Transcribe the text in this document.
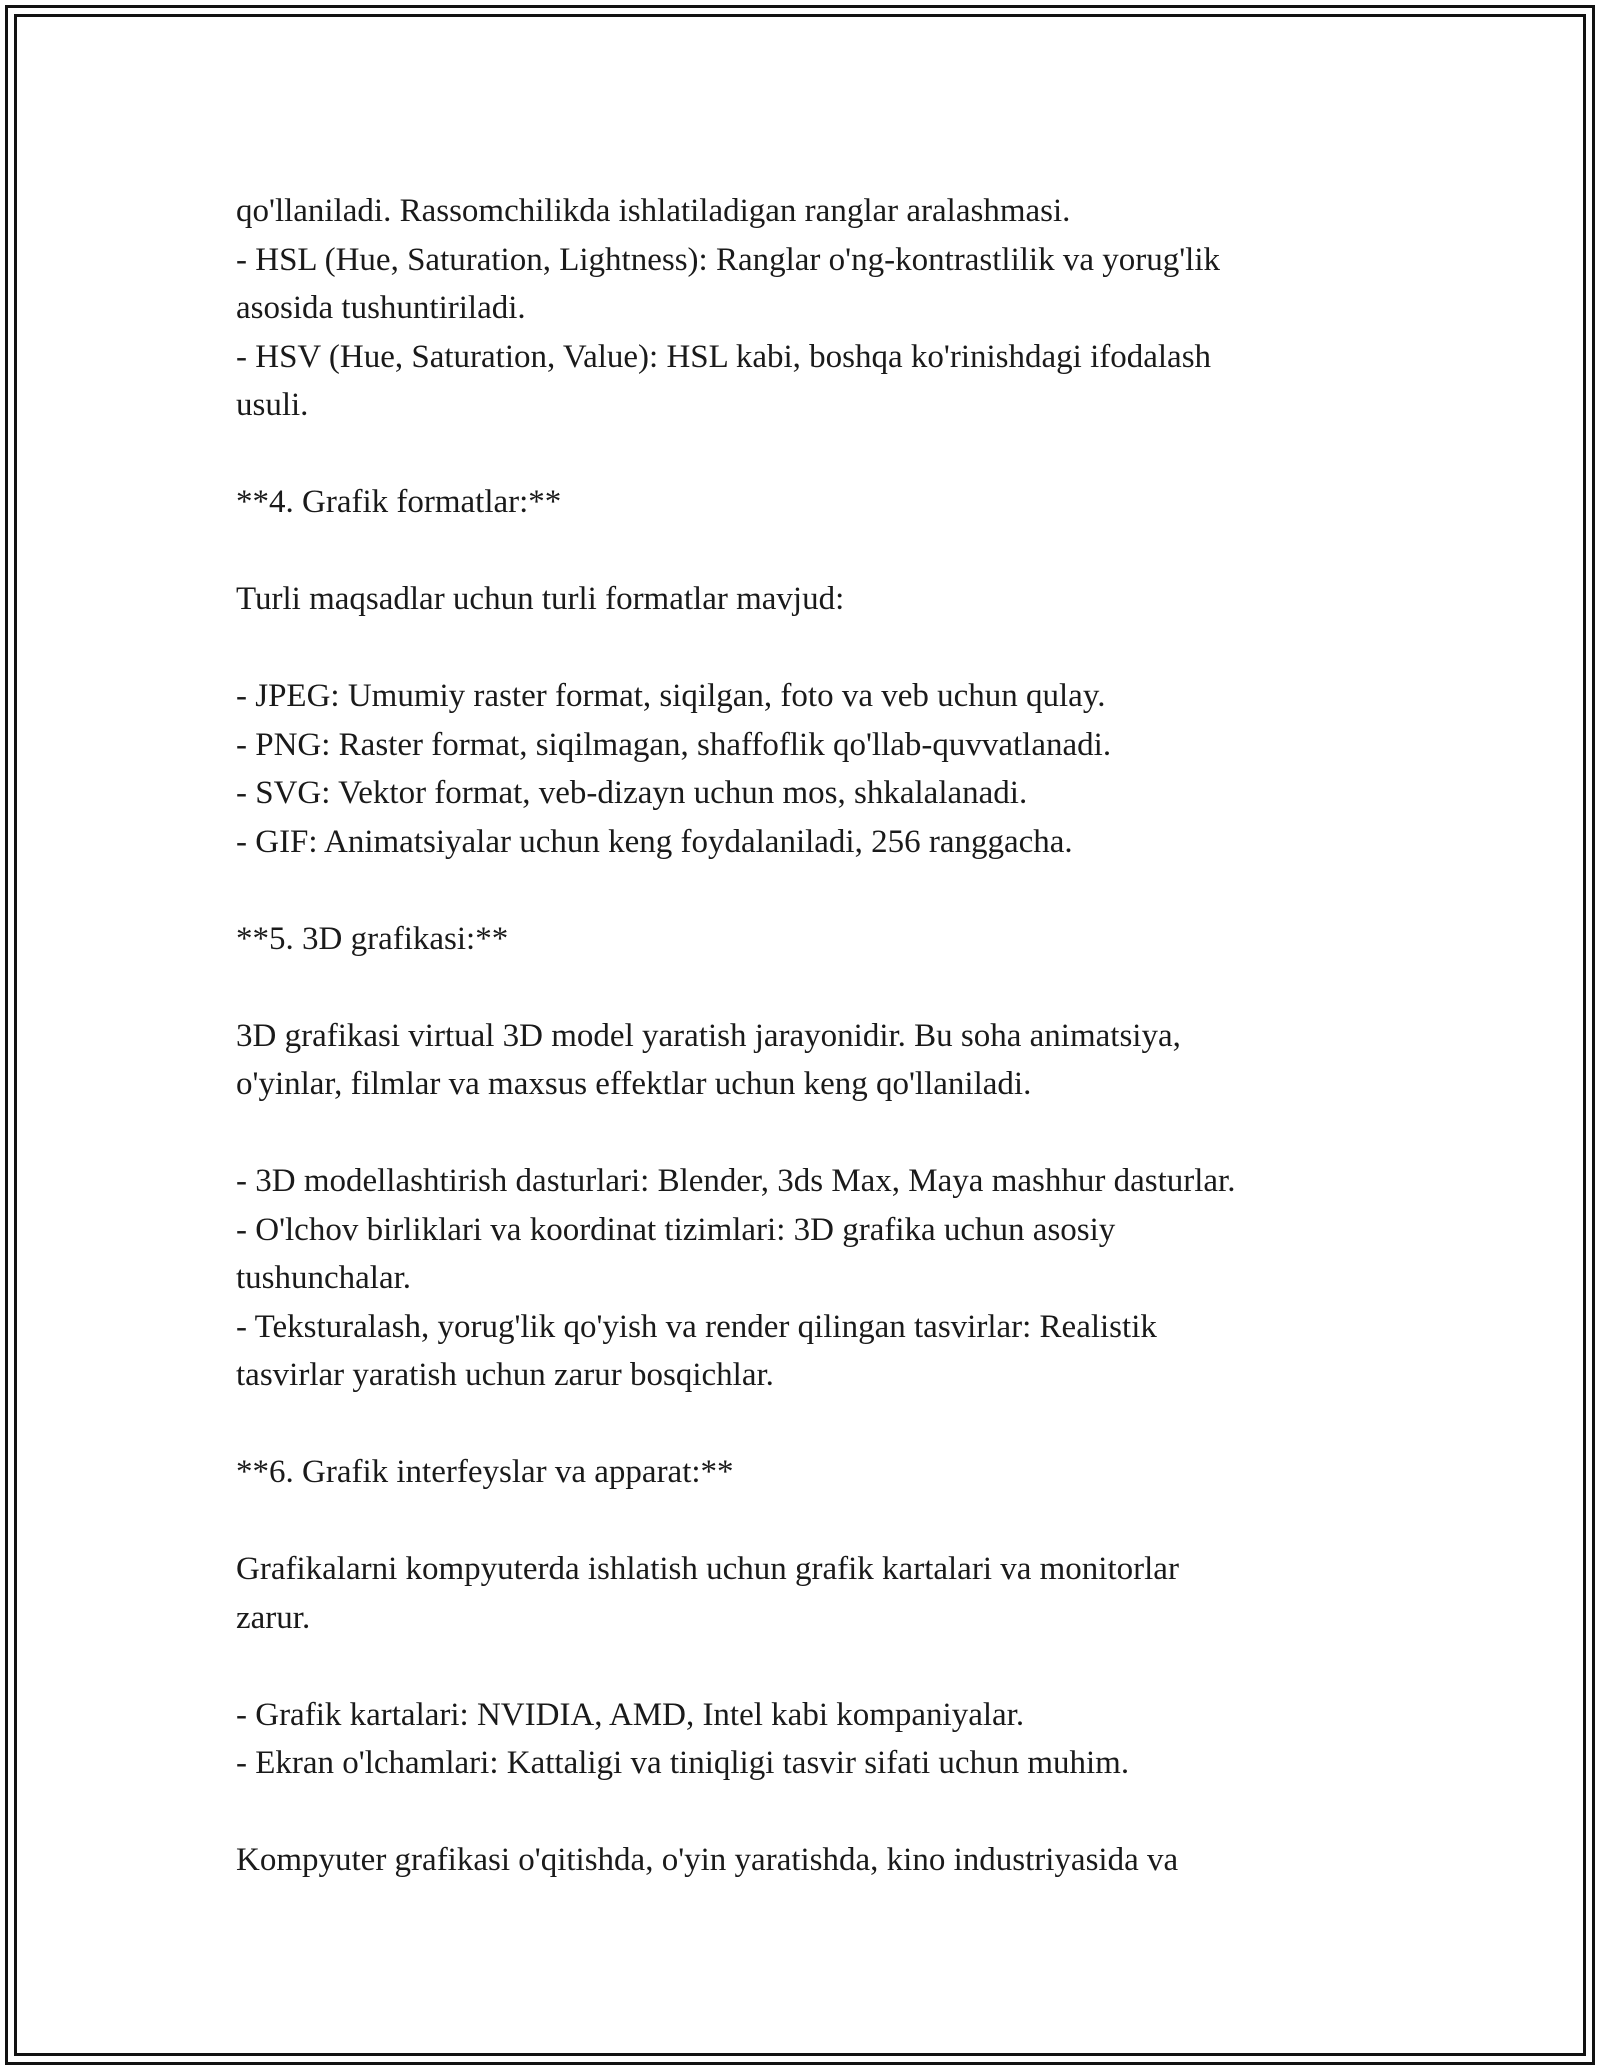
qo'llaniladi. Rassomchilikda ishlatiladigan ranglar aralashmasi.
- HSL (Hue, Saturation, Lightness): Ranglar o'ng-kontrastlilik va yorug'lik
asosida tushuntiriladi.
- HSV (Hue, Saturation, Value): HSL kabi, boshqa ko'rinishdagi ifodalash
usuli.
**4. Grafik formatlar:**
Turli maqsadlar uchun turli formatlar mavjud:
- JPEG: Umumiy raster format, siqilgan, foto va veb uchun qulay.
- PNG: Raster format, siqilmagan, shaffoflik qo'llab-quvvatlanadi.
- SVG: Vektor format, veb-dizayn uchun mos, shkalalanadi.
- GIF: Animatsiyalar uchun keng foydalaniladi, 256 ranggacha.
**5. 3D grafikasi:**
3D grafikasi virtual 3D model yaratish jarayonidir. Bu soha animatsiya,
o'yinlar, filmlar va maxsus effektlar uchun keng qo'llaniladi.
- 3D modellashtirish dasturlari: Blender, 3ds Max, Maya mashhur dasturlar.
- O'lchov birliklari va koordinat tizimlari: 3D grafika uchun asosiy
tushunchalar.
- Teksturalash, yorug'lik qo'yish va render qilingan tasvirlar: Realistik
tasvirlar yaratish uchun zarur bosqichlar.
**6. Grafik interfeyslar va apparat:**
Grafikalarni kompyuterda ishlatish uchun grafik kartalari va monitorlar
zarur.
- Grafik kartalari: NVIDIA, AMD, Intel kabi kompaniyalar.
- Ekran o'lchamlari: Kattaligi va tiniqligi tasvir sifati uchun muhim.
Kompyuter grafikasi o'qitishda, o'yin yaratishda, kino industriyasida va
